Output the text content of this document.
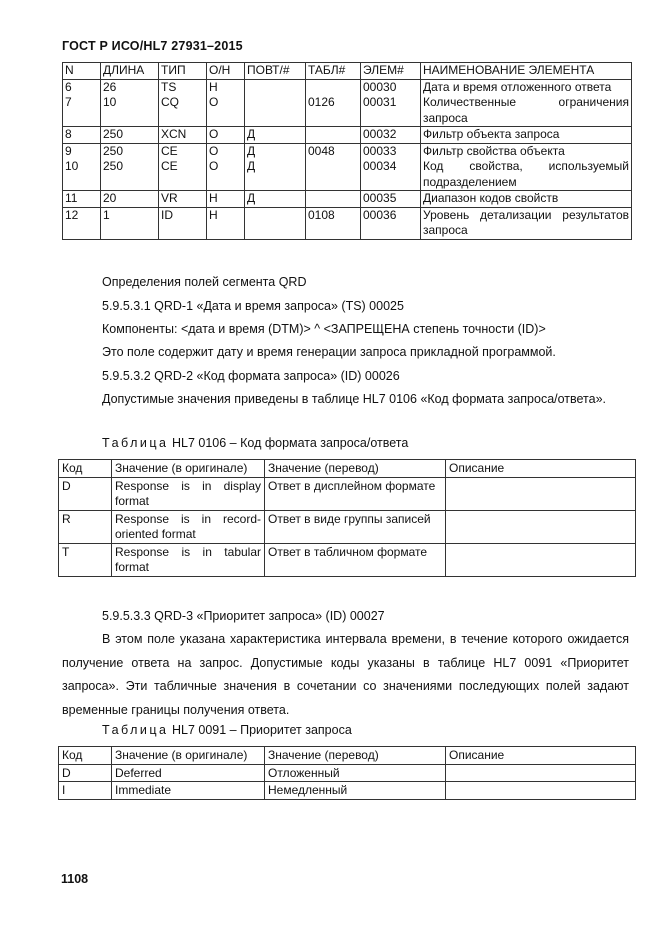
ГОСТ Р ИСО/HL7 27931–2015
N	ДЛИНА	ТИП	О/Н	ПОВТ/#	ТАБЛ#	ЭЛЕМ#	НАИМЕНОВАНИЕ ЭЛЕМЕНТА
6	26	TS	Н			00030	Дата и время отложенного ответа
7	10	CQ	О		0126	00031	Количественные ограничения запроса
8	250	XCN	О	Д		00032	Фильтр объекта запроса
9	250	CE	О	Д	0048	00033	Фильтр свойства объекта
10	250	CE	О	Д		00034	Код свойства, используемый подразделением
11	20	VR	Н	Д		00035	Диапазон кодов свойств
12	1	ID	Н		0108	00036	Уровень детализации результатов запроса
Определения полей сегмента QRD
5.9.5.3.1 QRD-1 «Дата и время запроса» (TS) 00025
Компоненты: <дата и время (DTM)> ^ <ЗАПРЕЩЕНА степень точности (ID)>
Это поле содержит дату и время генерации запроса прикладной программой.
5.9.5.3.2 QRD-2 «Код формата запроса» (ID) 00026
Допустимые значения приведены в таблице HL7 0106 «Код формата запроса/ответа».
Таблица HL7 0106 – Код формата запроса/ответа
Код	Значение (в оригинале)	Значение (перевод)	Описание
D	Response is in display format	Ответ в дисплейном формате	
R	Response is in record-oriented format	Ответ в виде группы записей	
T	Response is in tabular format	Ответ в табличном формате	
5.9.5.3.3 QRD-3 «Приоритет запроса» (ID) 00027
В этом поле указана характеристика интервала времени, в течение которого ожидается получение ответа на запрос. Допустимые коды указаны в таблице HL7 0091 «Приоритет запроса». Эти табличные значения в сочетании со значениями последующих полей задают временные границы получения ответа.
Таблица HL7 0091 – Приоритет запроса
Код	Значение (в оригинале)	Значение (перевод)	Описание
D	Deferred	Отложенный	
I	Immediate	Немедленный	
1108
